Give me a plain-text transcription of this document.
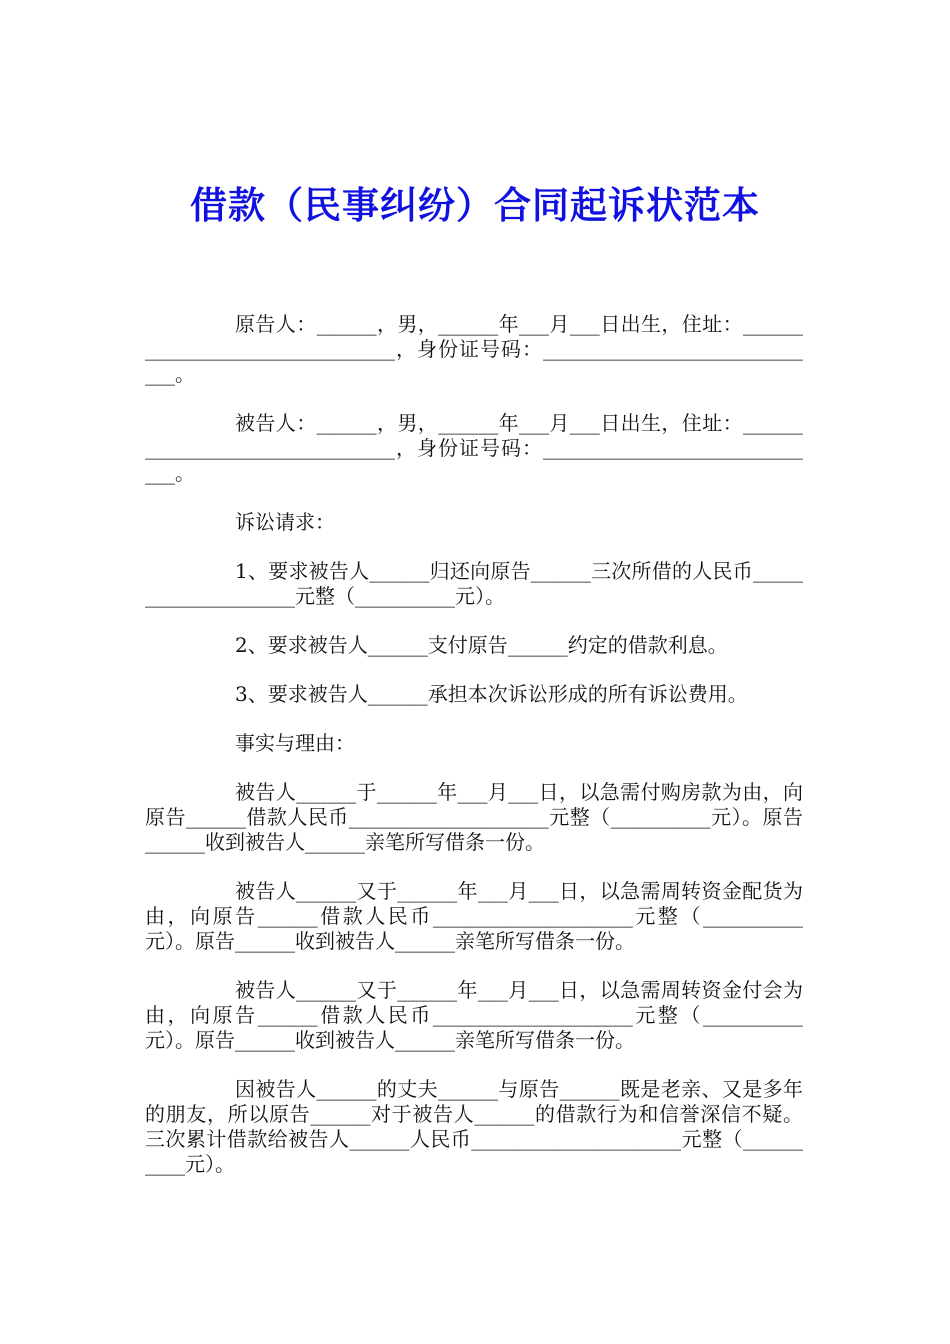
借款（民事纠纷）合同起诉状范本

原告人：______，男，______年___月___日出生，住址：_______________________________，身份证号码：_____________________________。

被告人：______，男，______年___月___日出生，住址：_______________________________，身份证号码：_____________________________。

诉讼请求：

1、要求被告人______归还向原告______三次所借的人民币____________________元整（__________元）。

2、要求被告人______支付原告______约定的借款利息。

3、要求被告人______承担本次诉讼形成的所有诉讼费用。

事实与理由：

被告人______于______年___月___日，以急需付购房款为由，向原告______借款人民币____________________元整（__________元）。原告______收到被告人______亲笔所写借条一份。

被告人______又于______年___月___日，以急需周转资金配货为由，向原告______借款人民币____________________元整（__________元）。原告______收到被告人______亲笔所写借条一份。

被告人______又于______年___月___日，以急需周转资金付会为由，向原告______借款人民币____________________元整（__________元）。原告______收到被告人______亲笔所写借条一份。

因被告人______的丈夫______与原告______既是老亲、又是多年的朋友，所以原告______对于被告人______的借款行为和信誉深信不疑。三次累计借款给被告人______人民币_____________________元整（__________元）。
